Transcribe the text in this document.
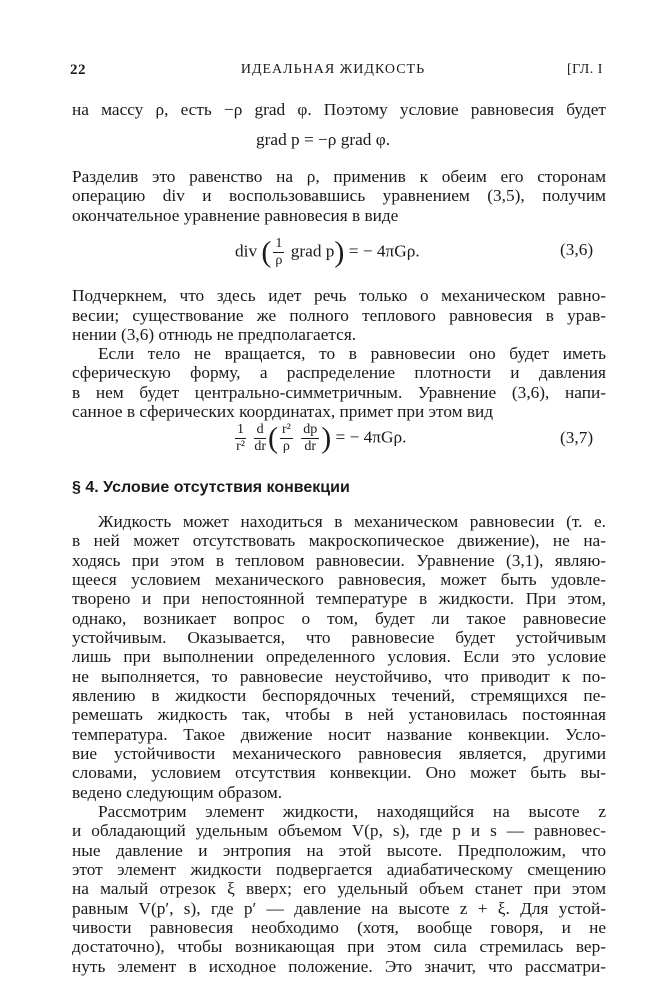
22	ИДЕАЛЬНАЯ ЖИДКОСТЬ	[ГЛ. I
на массу ρ, есть −ρ grad φ. Поэтому условие равновесия будет
grad p = −ρ grad φ.
Разделив это равенство на ρ, применив к обеим его сторонам
операцию div и воспользовавшись уравнением (3,5), получим
окончательное уравнение равновесия в виде
div ( $\frac{1}{\rho}$ grad p) = − 4πGρ.	(3,6)
Подчеркнем, что здесь идет речь только о механическом равно-
весии; существование же полного теплового равновесия в урав-
нении (3,6) отнюдь не предполагается.
Если тело не вращается, то в равновесии оно будет иметь
сферическую форму, а распределение плотности и давления
в нем будет центрально-симметричным. Уравнение (3,6), напи-
санное в сферических координатах, примет при этом вид
$\frac{1}{\text{r²}}$
$\frac{d}{dr}$ ( $\frac{\text{r²}}{\rho}$
$\frac{dp}{dr}$ ) = − 4πGρ.	(3,7)
§ 4. Условие отсутствия конвекции
Жидкость может находиться в механическом равновесии (т. е.
в ней может отсутствовать макроскопическое движение), не на-
ходясь при этом в тепловом равновесии. Уравнение (3,1), являю-
щееся условием механического равновесия, может быть удовле-
творено и при непостоянной температуре в жидкости. При этом,
однако, возникает вопрос о том, будет ли такое равновесие
устойчивым. Оказывается, что равновесие будет устойчивым
лишь при выполнении определенного условия. Если это условие
не выполняется, то равновесие неустойчиво, что приводит к по-
явлению в жидкости беспорядочных течений, стремящихся пе-
ремешать жидкость так, чтобы в ней установилась постоянная
температура. Такое движение носит название конвекции. Усло-
вие устойчивости механического равновесия является, другими
словами, условием отсутствия конвекции. Оно может быть вы-
ведено следующим образом.
Рассмотрим элемент жидкости, находящийся на высоте z
и обладающий удельным объемом V(p, s), где p и s — равновес-
ные давление и энтропия на этой высоте. Предположим, что
этот элемент жидкости подвергается адиабатическому смещению
на малый отрезок ξ вверх; его удельный объем станет при этом
равным V(p′, s), где p′ — давление на высоте z + ξ. Для устой-
чивости равновесия необходимо (хотя, вообще говоря, и не
достаточно), чтобы возникающая при этом сила стремилась вер-
нуть элемент в исходное положение. Это значит, что рассматри-
